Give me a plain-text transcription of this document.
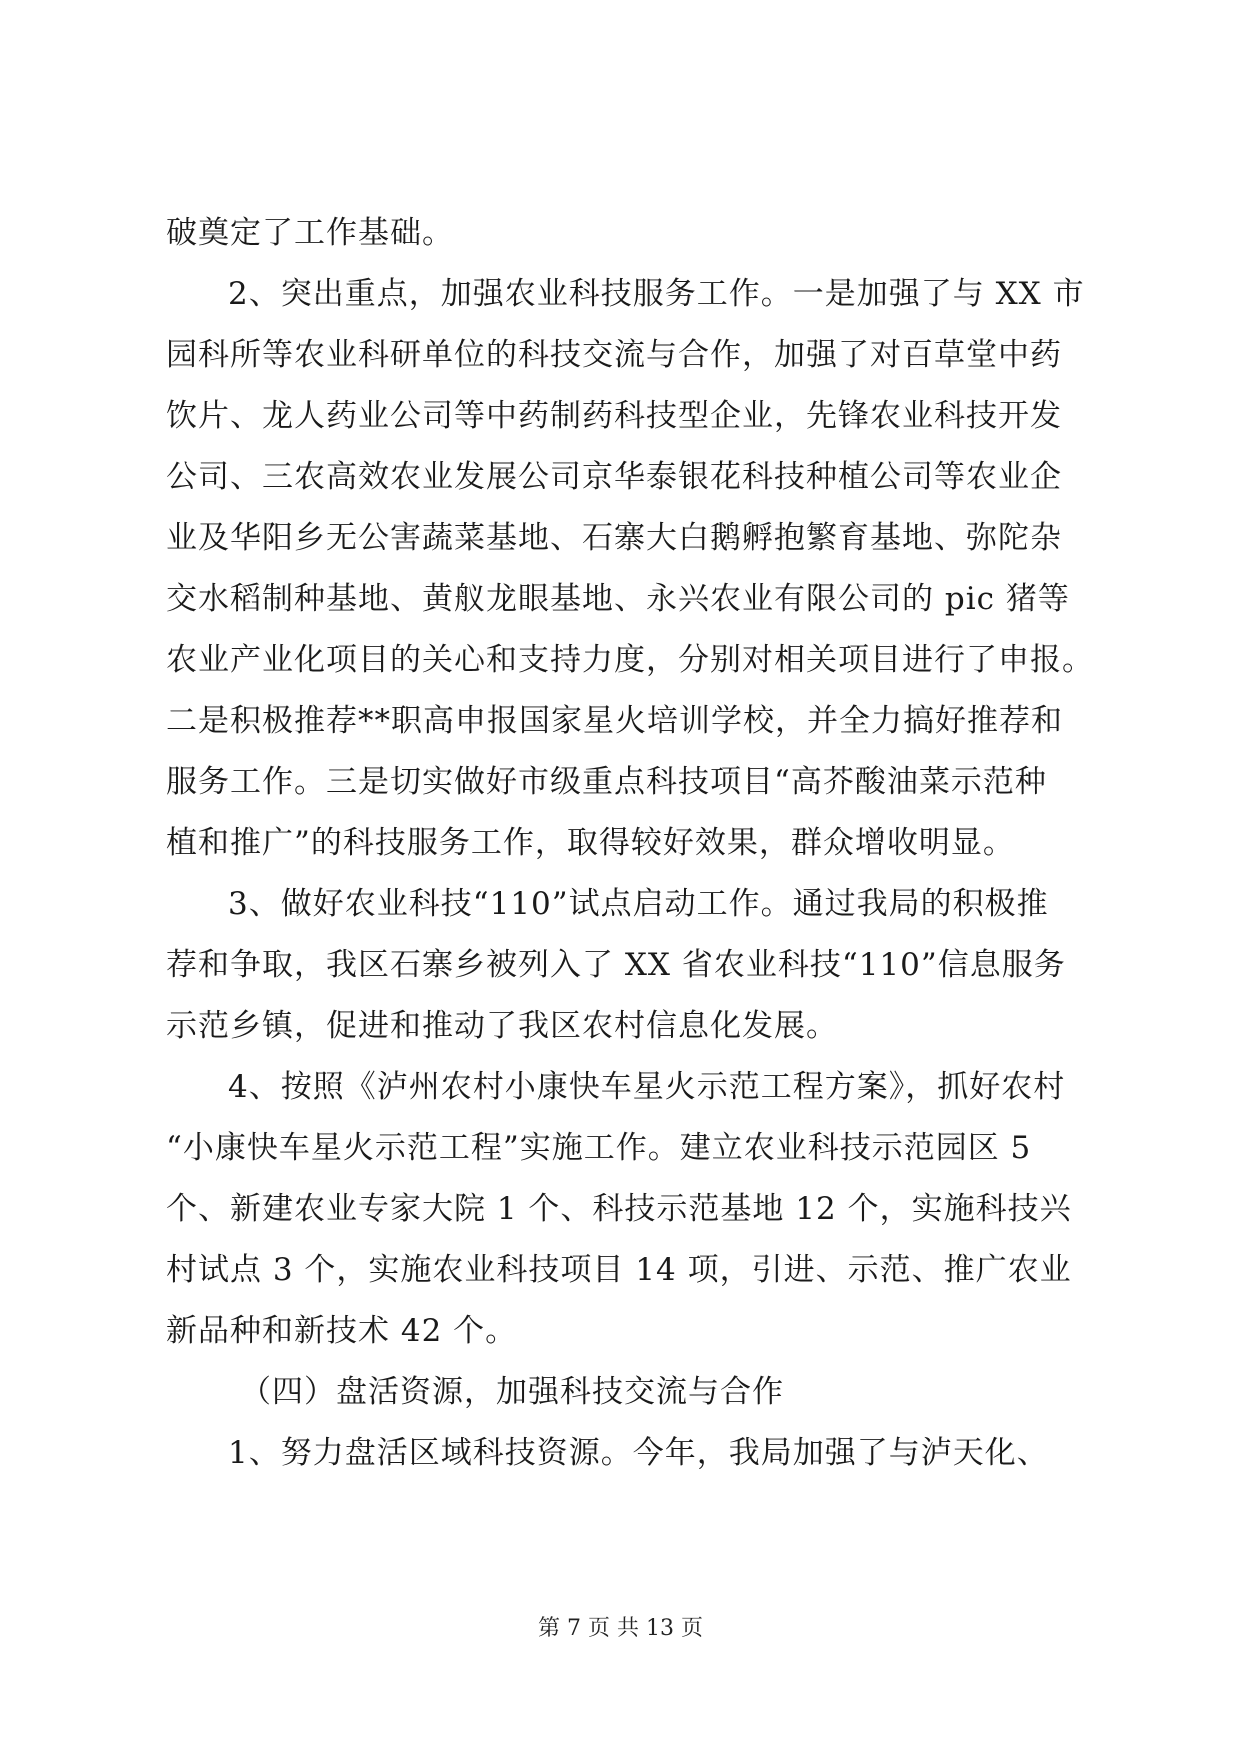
破奠定了工作基础。
2、突出重点，加强农业科技服务工作。一是加强了与 XX 市
园科所等农业科研单位的科技交流与合作，加强了对百草堂中药
饮片、龙人药业公司等中药制药科技型企业，先锋农业科技开发
公司、三农高效农业发展公司京华泰银花科技种植公司等农业企
业及华阳乡无公害蔬菜基地、石寨大白鹅孵抱繁育基地、弥陀杂
交水稻制种基地、黄舣龙眼基地、永兴农业有限公司的 pic 猪等
农业产业化项目的关心和支持力度，分别对相关项目进行了申报。
二是积极推荐**职高申报国家星火培训学校，并全力搞好推荐和
服务工作。三是切实做好市级重点科技项目“高芥酸油菜示范种
植和推广”的科技服务工作，取得较好效果，群众增收明显。
3、做好农业科技“110”试点启动工作。通过我局的积极推
荐和争取，我区石寨乡被列入了 XX 省农业科技“110”信息服务
示范乡镇，促进和推动了我区农村信息化发展。
4、按照《泸州农村小康快车星火示范工程方案》，抓好农村
“小康快车星火示范工程”实施工作。建立农业科技示范园区 5
个、新建农业专家大院 1 个、科技示范基地 12 个，实施科技兴
村试点 3 个，实施农业科技项目 14 项，引进、示范、推广农业
新品种和新技术 42 个。
（四）盘活资源，加强科技交流与合作
1、努力盘活区域科技资源。今年，我局加强了与泸天化、
第 7 页 共 13 页
